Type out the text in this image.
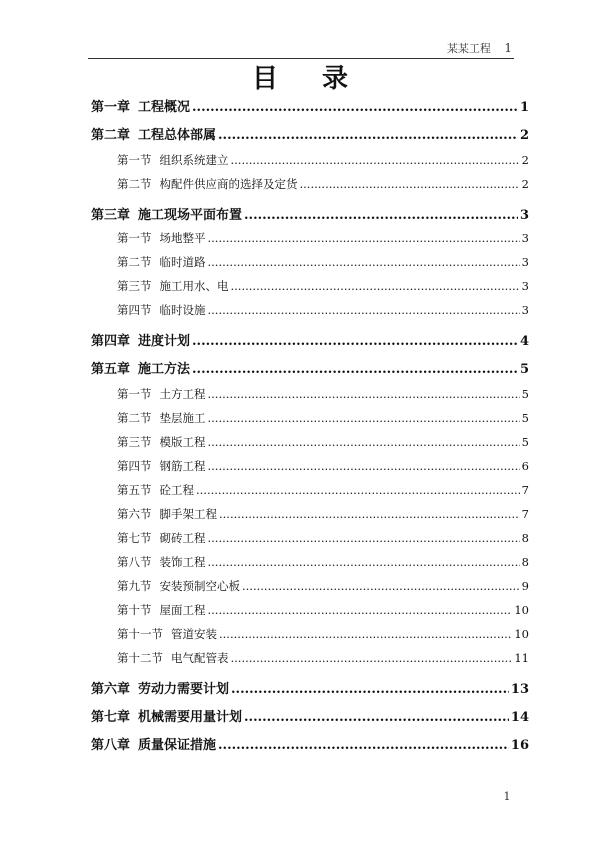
某某工程 1
目录
第一章 工程概况 .....	1
第二章 工程总体部属 .....	2
第一节 组织系统建立 .....	2
第二节 构配件供应商的选择及定货 .....	2
第三章 施工现场平面布置 .....	3
第一节 场地整平 .....	3
第二节 临时道路 .....	3
第三节 施工用水、电 .....	3
第四节 临时设施 .....	3
第四章 进度计划 .....	4
第五章 施工方法 .....	5
第一节 土方工程 .....	5
第二节 垫层施工 .....	5
第三节 模版工程 .....	5
第四节 钢筋工程 .....	6
第五节 砼工程 .....	7
第六节 脚手架工程 .....	7
第七节 砌砖工程 .....	8
第八节 装饰工程 .....	8
第九节 安装预制空心板 .....	9
第十节 屋面工程 .....	10
第十一节 管道安装 .....	10
第十二节 电气配管表 .....	11
第六章 劳动力需要计划 .....	13
第七章 机械需要用量计划 .....	14
第八章 质量保证措施 .....	16
1
